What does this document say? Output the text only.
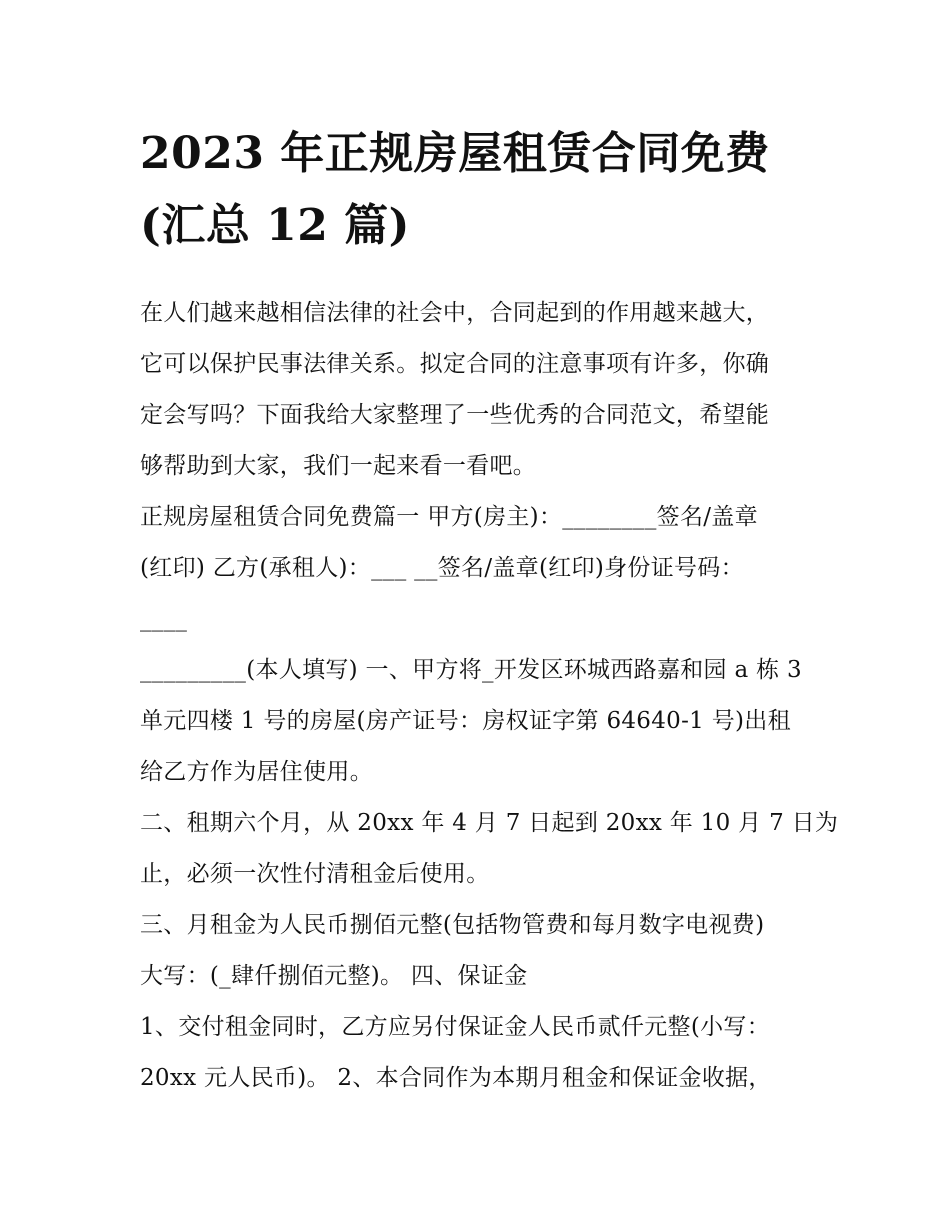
2023 年正规房屋租赁合同免费
(汇总 12 篇)
在人们越来越相信法律的社会中，合同起到的作用越来越大，
它可以保护民事法律关系。拟定合同的注意事项有许多，你确
定会写吗？下面我给大家整理了一些优秀的合同范文，希望能
够帮助到大家，我们一起来看一看吧。
正规房屋租赁合同免费篇一 甲方(房主)：________签名/盖章
(红印) 乙方(承租人)：___ __签名/盖章(红印)身份证号码：
____
_________(本人填写) 一、甲方将_开发区环城西路嘉和园 a 栋 3
单元四楼 1 号的房屋(房产证号：房权证字第 64640-1 号)出租
给乙方作为居住使用。
二、租期六个月，从 20xx 年 4 月 7 日起到 20xx 年 10 月 7 日为
止，必须一次性付清租金后使用。
三、月租金为人民币捌佰元整(包括物管费和每月数字电视费)
大写：(_肆仟捌佰元整)。 四、保证金
1、交付租金同时，乙方应另付保证金人民币贰仟元整(小写：
20xx 元人民币)。 2、本合同作为本期月租金和保证金收据，
